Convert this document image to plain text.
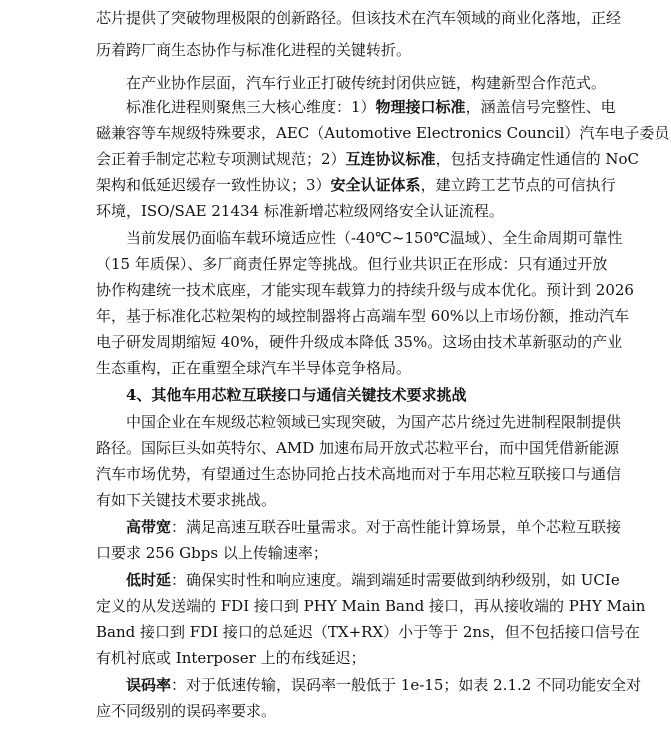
芯片提供了突破物理极限的创新路径。但该技术在汽车领域的商业化落地，正经
历着跨厂商生态协作与标准化进程的关键转折。
在产业协作层面，汽车行业正打破传统封闭供应链，构建新型合作范式。
标准化进程则聚焦三大核心维度：1）物理接口标准，涵盖信号完整性、电
磁兼容等车规级特殊要求，AEC（Automotive Electronics Council）汽车电子委员
会正着手制定芯粒专项测试规范；2）互连协议标准，包括支持确定性通信的 NoC
架构和低延迟缓存一致性协议；3）安全认证体系，建立跨工艺节点的可信执行
环境，ISO/SAE 21434 标准新增芯粒级网络安全认证流程。
当前发展仍面临车载环境适应性（-40℃~150℃温域）、全生命周期可靠性
（15 年质保）、多厂商责任界定等挑战。但行业共识正在形成：只有通过开放
协作构建统一技术底座，才能实现车载算力的持续升级与成本优化。预计到 2026
年，基于标准化芯粒架构的域控制器将占高端车型 60%以上市场份额，推动汽车
电子研发周期缩短 40%，硬件升级成本降低 35%。这场由技术革新驱动的产业
生态重构，正在重塑全球汽车半导体竞争格局。
4、其他车用芯粒互联接口与通信关键技术要求挑战
中国企业在车规级芯粒领域已实现突破，为国产芯片绕过先进制程限制提供
路径。国际巨头如英特尔、AMD 加速布局开放式芯粒平台，而中国凭借新能源
汽车市场优势，有望通过生态协同抢占技术高地而对于车用芯粒互联接口与通信
有如下关键技术要求挑战。
高带宽：满足高速互联吞吐量需求。对于高性能计算场景，单个芯粒互联接
口要求 256 Gbps 以上传输速率；
低时延：确保实时性和响应速度。端到端延时需要做到纳秒级别，如 UCIe
定义的从发送端的 FDI 接口到 PHY Main Band 接口，再从接收端的 PHY Main
Band 接口到 FDI 接口的总延迟（TX+RX）小于等于 2ns，但不包括接口信号在
有机衬底或 Interposer 上的布线延迟；
误码率：对于低速传输，误码率一般低于 1e-15；如表 2.1.2 不同功能安全对
应不同级别的误码率要求。
